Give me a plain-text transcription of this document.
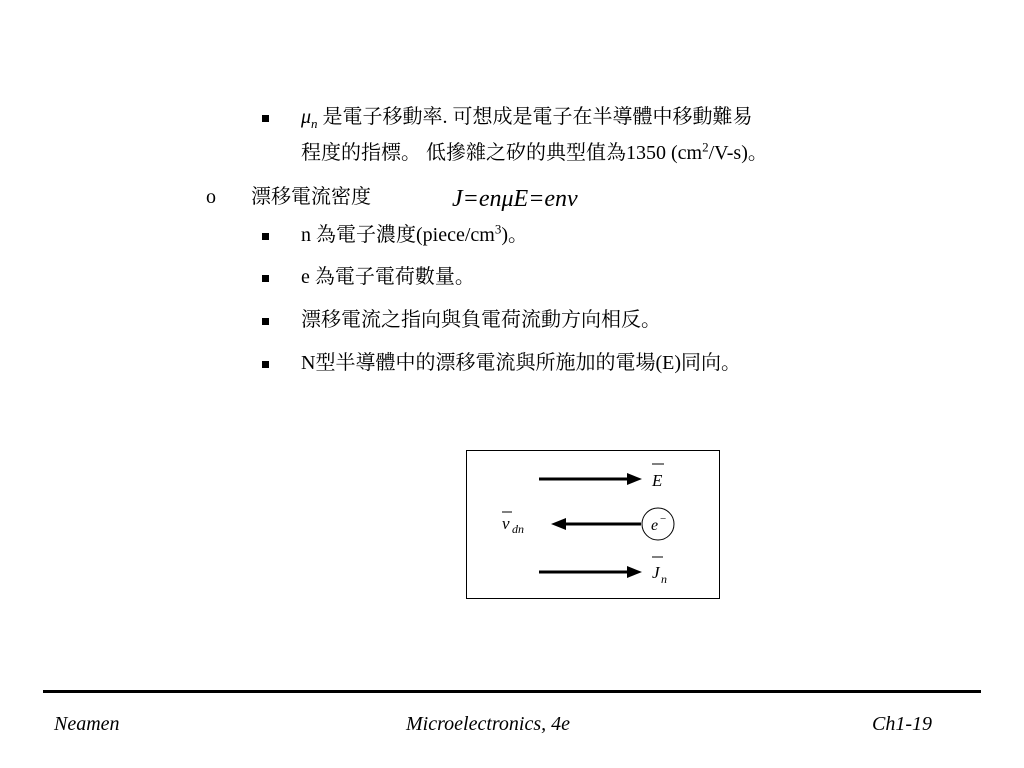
$\mu_n$ 是電子移動率. 可想成是電子在半導體中移動難易
程度的指標。 低摻雜之矽的典型值為1350 $(cm^2/V-s)$。
o 漂移電流密度	J = e n μ E = e n v
n 為電子濃度$(piece/cm^3)$。
e 為電子電荷數量。
漂移電流之指向與負電荷流動方向相反。
N型半導體中的漂移電流與所施加的電場(E)同向。
E
v dn	e −
J n
Neamen	Microelectronics, 4e	Ch1-19
